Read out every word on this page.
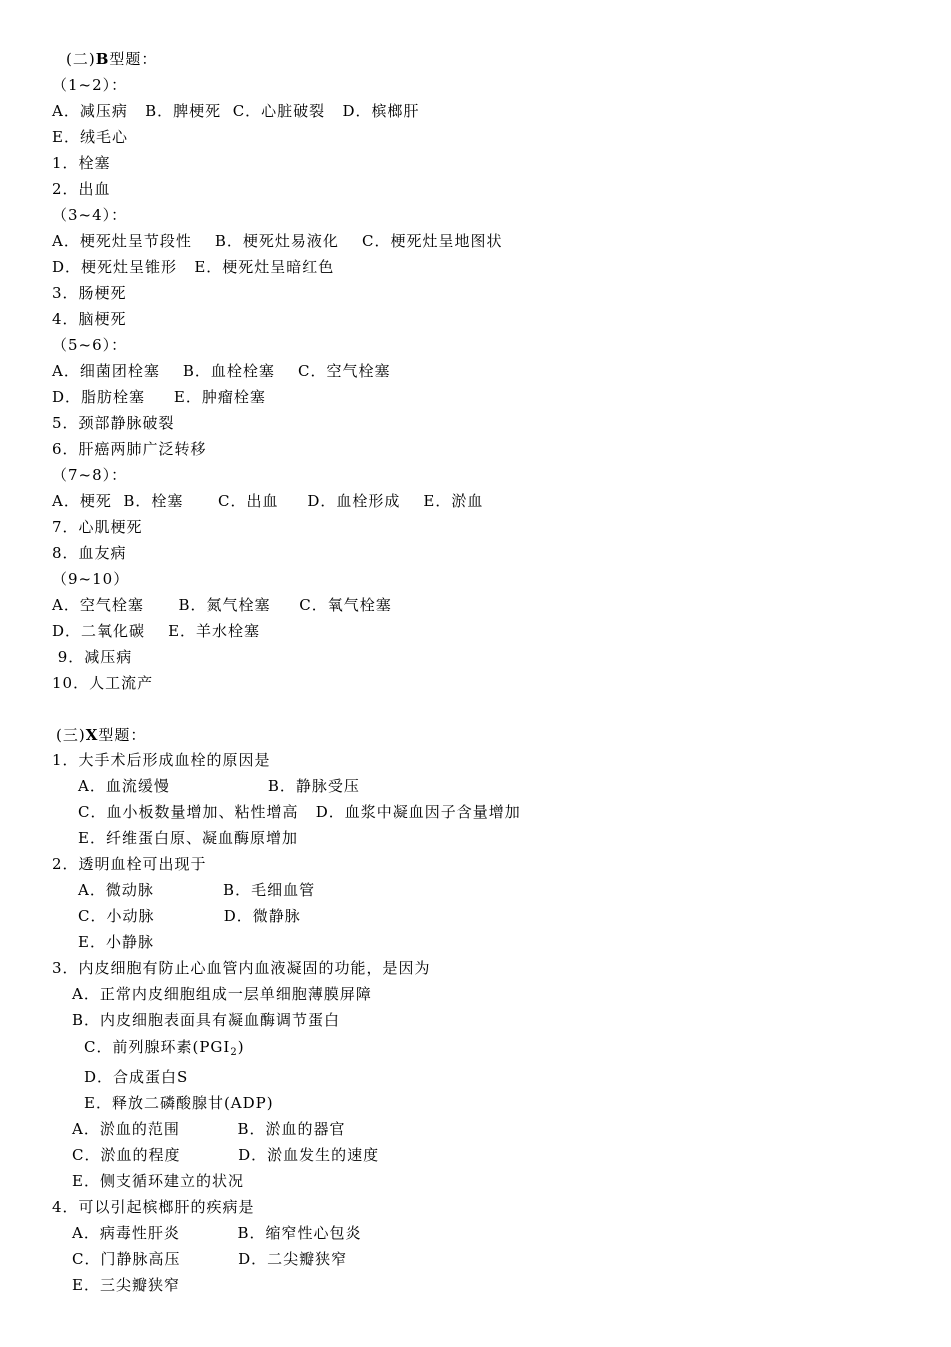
(二)B型题：
（1~2）：
A．减压病   B．脾梗死  C．心脏破裂   D．槟榔肝
E．绒毛心
1．栓塞
2．出血
（3~4）：
A．梗死灶呈节段性    B．梗死灶易液化    C．梗死灶呈地图状
D．梗死灶呈锥形   E．梗死灶呈暗红色
3．肠梗死
4．脑梗死
（5~6）：
A．细菌团栓塞    B．血栓栓塞    C．空气栓塞
D．脂肪栓塞     E．肿瘤栓塞
5．颈部静脉破裂
6．肝癌两肺广泛转移
（7~8）：
A．梗死  B．栓塞      C．出血     D．血栓形成    E．淤血
7．心肌梗死
8．血友病
（9~10）
A．空气栓塞      B．氮气栓塞     C．氧气栓塞
D．二氧化碳    E．羊水栓塞
9．减压病
10．人工流产
(三)X型题：
1．大手术后形成血栓的原因是
A．血流缓慢                 B．静脉受压
C．血小板数量增加、粘性增高   D．血浆中凝血因子含量增加
E．纤维蛋白原、凝血酶原增加
2．透明血栓可出现于
A．微动脉            B．毛细血管
C．小动脉            D．微静脉
E．小静脉
3．内皮细胞有防止心血管内血液凝固的功能，是因为
A．正常内皮细胞组成一层单细胞薄膜屏障
B．内皮细胞表面具有凝血酶调节蛋白
C．前列腺环素$(PGI_2)$
D．合成蛋白S
E．释放二磷酸腺甘(ADP)
A．淤血的范围          B．淤血的器官
C．淤血的程度          D．淤血发生的速度
E．侧支循环建立的状况
4．可以引起槟榔肝的疾病是
A．病毒性肝炎          B．缩窄性心包炎
C．门静脉高压          D．二尖瓣狭窄
E．三尖瓣狭窄
